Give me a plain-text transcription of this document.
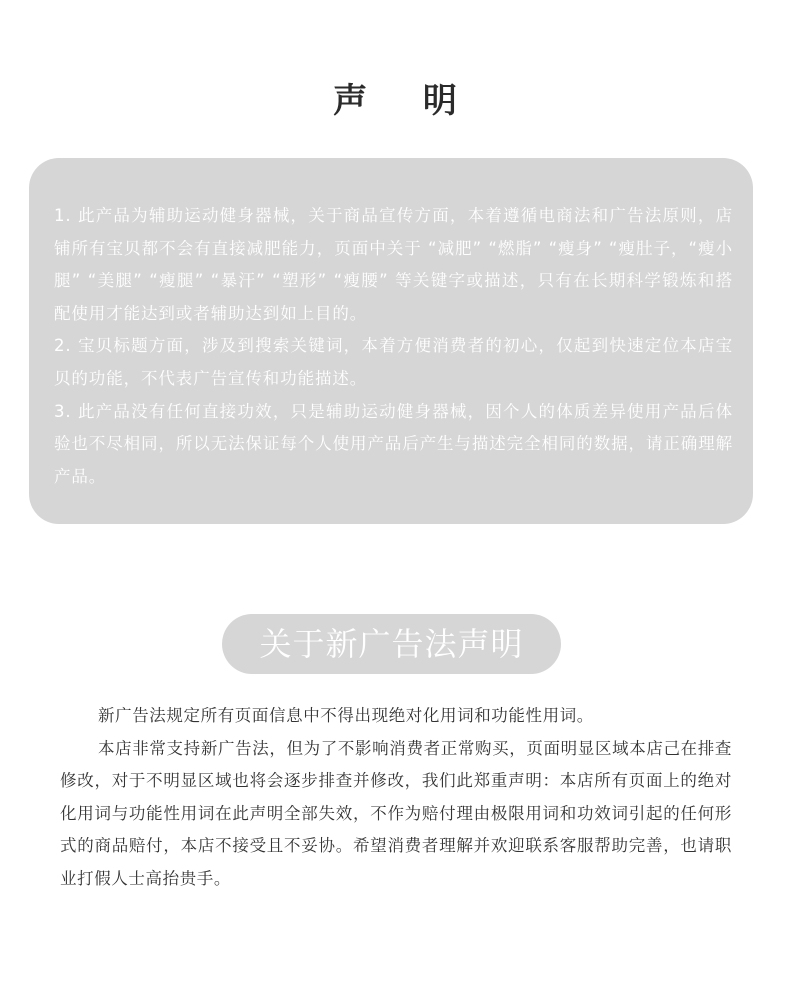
声 明

1. 此产品为辅助运动健身器械，关于商品宣传方面，本着遵循电商法和广告法原则，店铺所有宝贝都不会有直接减肥能力，页面中关于 “减肥” “燃脂” “瘦身” “瘦肚子，“瘦小腿” “美腿” “瘦腿” “暴汗” “塑形” “瘦腰” 等关键字或描述，只有在长期科学锻炼和搭配使用才能达到或者辅助达到如上目的。

2. 宝贝标题方面，涉及到搜索关键词，本着方便消费者的初心，仅起到快速定位本店宝贝的功能，不代表广告宣传和功能描述。

3. 此产品没有任何直接功效，只是辅助运动健身器械，因个人的体质差异使用产品后体验也不尽相同，所以无法保证每个人使用产品后产生与描述完全相同的数据，请正确理解产品。

关于新广告法声明

新广告法规定所有页面信息中不得出现绝对化用词和功能性用词。

本店非常支持新广告法，但为了不影响消费者正常购买，页面明显区域本店己在排查修改，对于不明显区域也将会逐步排查并修改，我们此郑重声明：本店所有页面上的绝对化用词与功能性用词在此声明全部失效，不作为赔付理由极限用词和功效词引起的任何形式的商品赔付，本店不接受且不妥协。希望消费者理解并欢迎联系客服帮助完善，也请职业打假人士高抬贵手。
